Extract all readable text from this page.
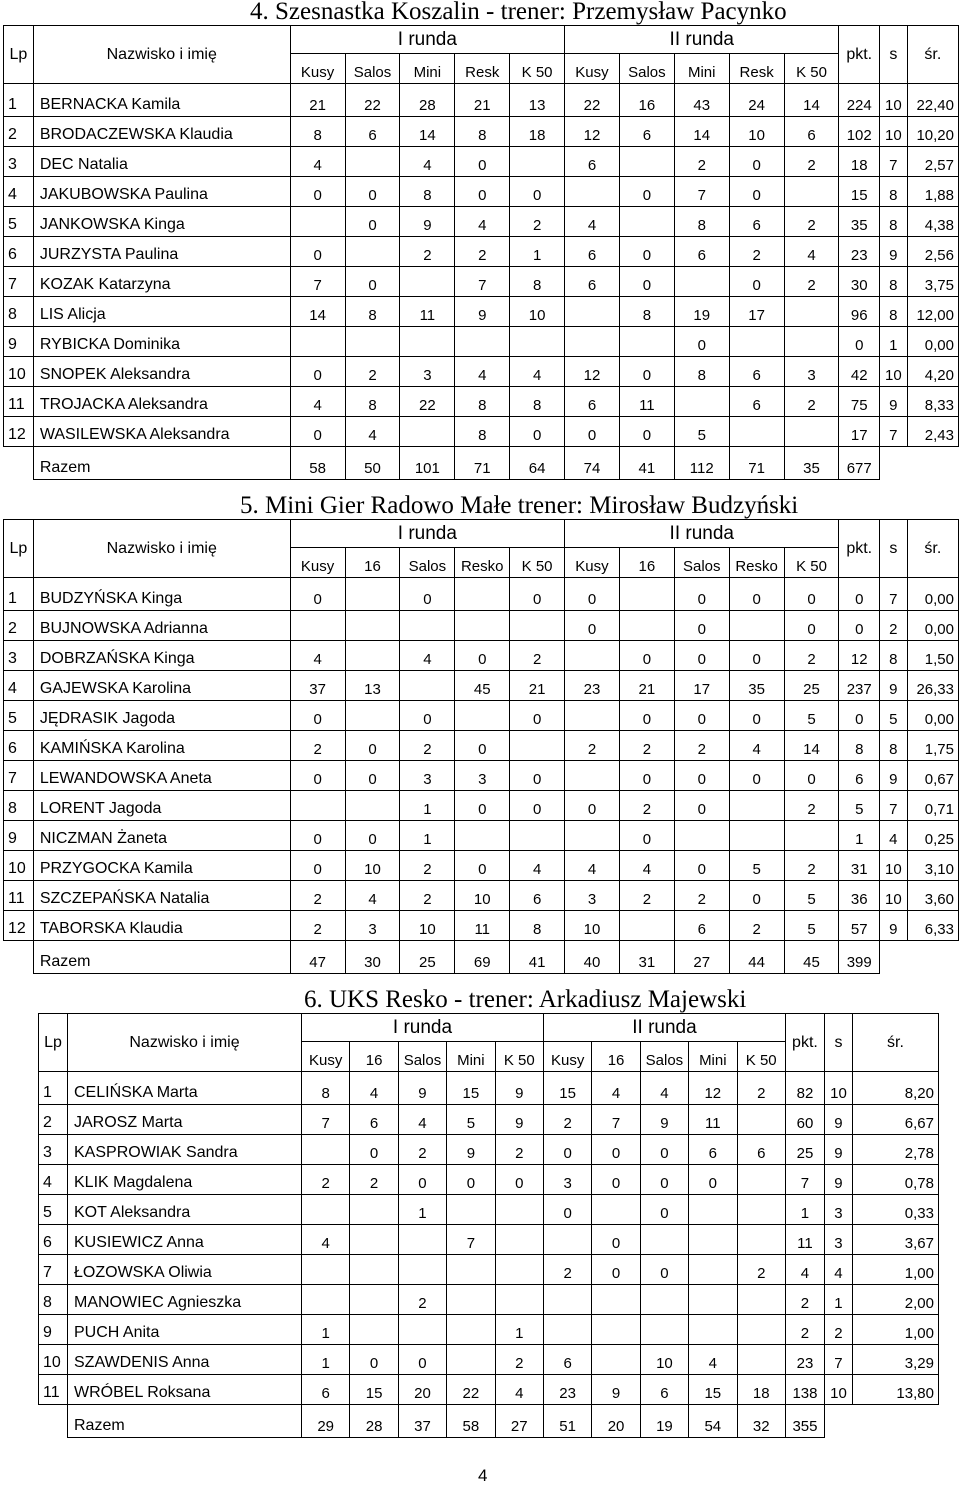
4. Szesnastka Koszalin - trener: Przemysław Pacynko
Lp	Nazwisko i imię	I runda					II runda					pkt.	s	śr.
		Kusy	Salos	Mini	Resk	K 50	Kusy	Salos	Mini	Resk	K 50			
1	BERNACKA Kamila	21	22	28	21	13	22	16	43	24	14	224	10	22,40
2	BRODACZEWSKA Klaudia	8	6	14	8	18	12	6	14	10	6	102	10	10,20
3	DEC Natalia	4		4	0		6		2	0	2	18	7	2,57
4	JAKUBOWSKA Paulina	0	0	8	0	0		0	7	0		15	8	1,88
5	JANKOWSKA Kinga		0	9	4	2	4		8	6	2	35	8	4,38
6	JURZYSTA Paulina	0		2	2	1	6	0	6	2	4	23	9	2,56
7	KOZAK Katarzyna	7	0		7	8	6	0		0	2	30	8	3,75
8	LIS Alicja	14	8	11	9	10		8	19	17		96	8	12,00
9	RYBICKA Dominika								0			0	1	0,00
10	SNOPEK Aleksandra	0	2	3	4	4	12	0	8	6	3	42	10	4,20
11	TROJACKA Aleksandra	4	8	22	8	8	6	11		6	2	75	9	8,33
12	WASILEWSKA Aleksandra	0	4		8	0	0	0	5			17	7	2,43
	Razem	58	50	101	71	64	74	41	112	71	35	677		
5. Mini Gier Radowo Małe trener: Mirosław Budzyński
Lp	Nazwisko i imię	I runda					II runda					pkt.	s	śr.
		Kusy	16	Salos	Resko	K 50	Kusy	16	Salos	Resko	K 50			
1	BUDZYŃSKA Kinga	0		0		0	0		0	0	0	0	7	0,00
2	BUJNOWSKA Adrianna						0		0		0	0	2	0,00
3	DOBRZAŃSKA Kinga	4		4	0	2		0	0	0	2	12	8	1,50
4	GAJEWSKA Karolina	37	13		45	21	23	21	17	35	25	237	9	26,33
5	JĘDRASIK Jagoda	0		0		0		0	0	0	5	0	5	0,00
6	KAMIŃSKA Karolina	2	0	2	0		2	2	2	4	14	8	8	1,75
7	LEWANDOWSKA Aneta	0	0	3	3	0		0	0	0	0	6	9	0,67
8	LORENT Jagoda			1	0	0	0	2	0		2	5	7	0,71
9	NICZMAN Żaneta	0	0	1				0				1	4	0,25
10	PRZYGOCKA Kamila	0	10	2	0	4	4	4	0	5	2	31	10	3,10
11	SZCZEPAŃSKA Natalia	2	4	2	10	6	3	2	2	0	5	36	10	3,60
12	TABORSKA Klaudia	2	3	10	11	8	10		6	2	5	57	9	6,33
	Razem	47	30	25	69	41	40	31	27	44	45	399		
6. UKS Resko - trener: Arkadiusz Majewski
Lp	Nazwisko i imię	I runda					II runda					pkt.	s	śr.
		Kusy	16	Salos	Mini	K 50	Kusy	16	Salos	Mini	K 50			
1	CELIŃSKA Marta	8	4	9	15	9	15	4	4	12	2	82	10	8,20
2	JAROSZ Marta	7	6	4	5	9	2	7	9	11		60	9	6,67
3	KASPROWIAK Sandra		0	2	9	2	0	0	0	6	6	25	9	2,78
4	KLIK Magdalena	2	2	0	0	0	3	0	0	0		7	9	0,78
5	KOT Aleksandra			1			0		0			1	3	0,33
6	KUSIEWICZ Anna	4			7			0				11	3	3,67
7	ŁOZOWSKA Oliwia						2	0	0		2	4	4	1,00
8	MANOWIEC Agnieszka			2								2	1	2,00
9	PUCH Anita	1				1						2	2	1,00
10	SZAWDENIS Anna	1	0	0		2	6		10	4		23	7	3,29
11	WRÓBEL Roksana	6	15	20	22	4	23	9	6	15	18	138	10	13,80
	Razem	29	28	37	58	27	51	20	19	54	32	355		
4
